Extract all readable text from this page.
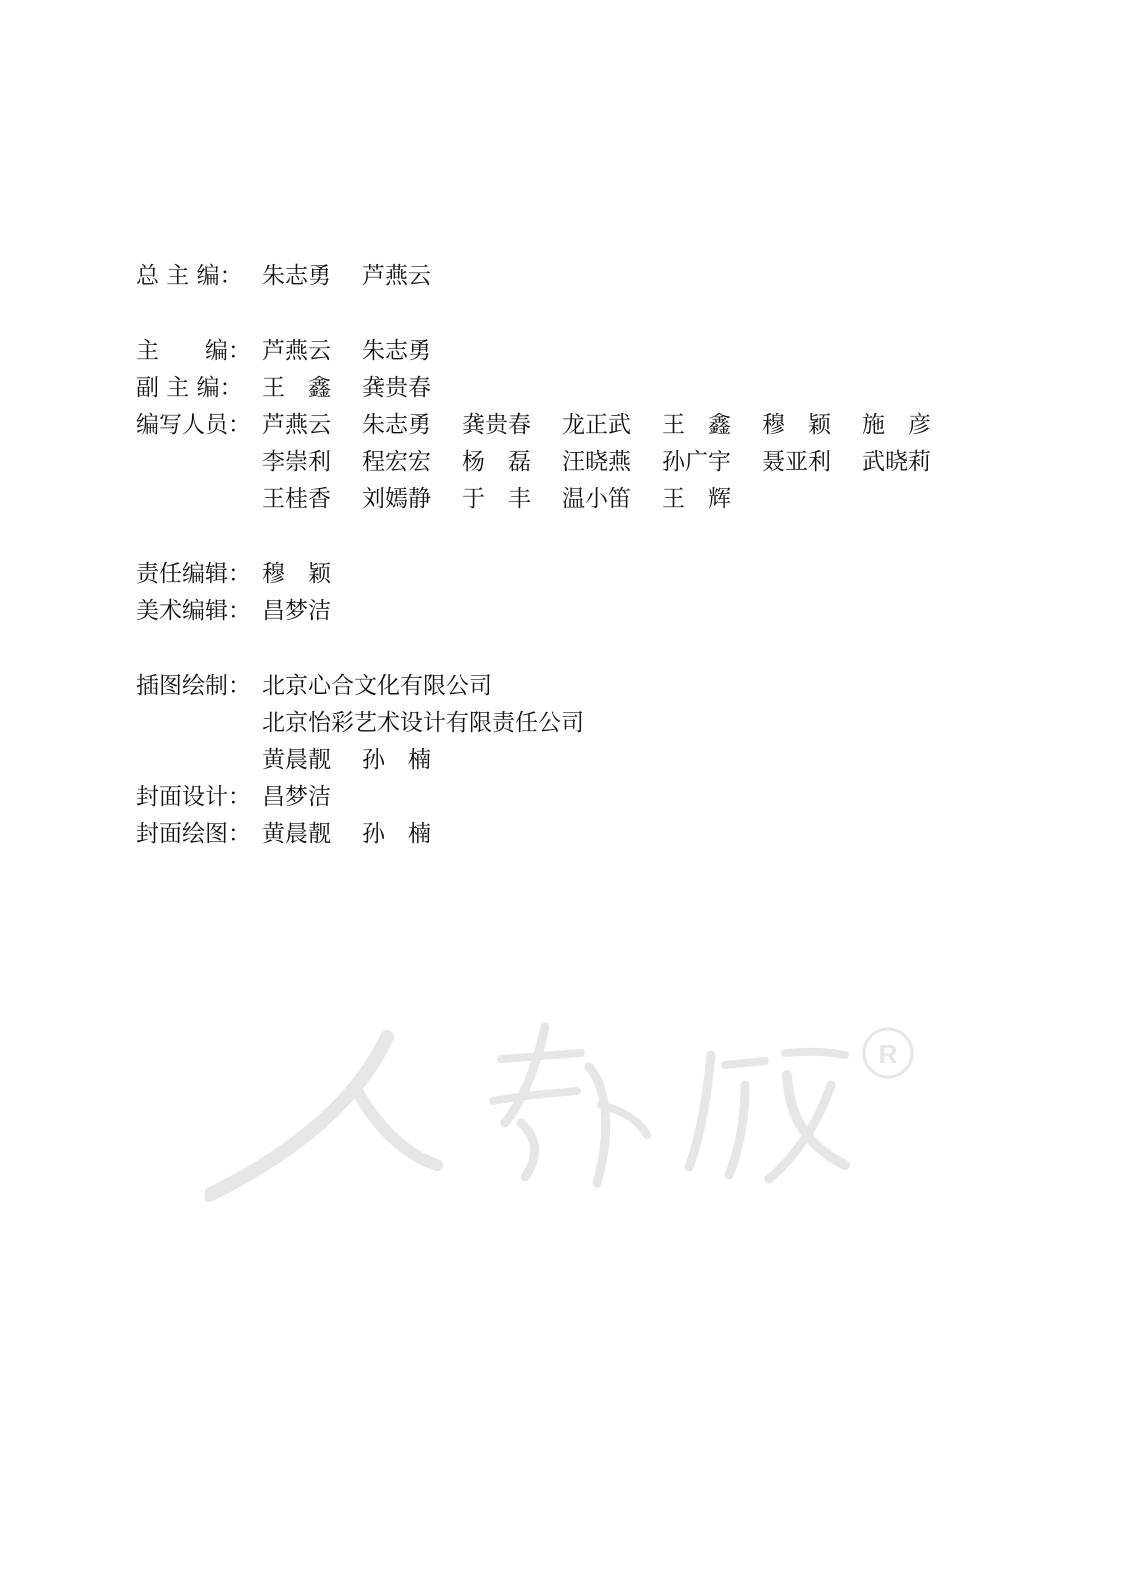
总 主 编： 朱志勇	芦燕云
主　　编： 芦燕云	朱志勇
副 主 编： 王　鑫	龚贵春
编写人员： 芦燕云	朱志勇	龚贵春	龙正武	王　鑫	穆　颖	施　彦
李崇利	程宏宏	杨　磊	汪晓燕	孙广宇	聂亚利	武晓莉
王桂香	刘嫣静	于　丰	温小笛	王　辉
责任编辑： 穆　颖
美术编辑： 昌梦洁
插图绘制： 北京心合文化有限公司
北京怡彩艺术设计有限责任公司
黄晨靓	孙　楠
封面设计： 昌梦洁
封面绘图： 黄晨靓	孙　楠
R
